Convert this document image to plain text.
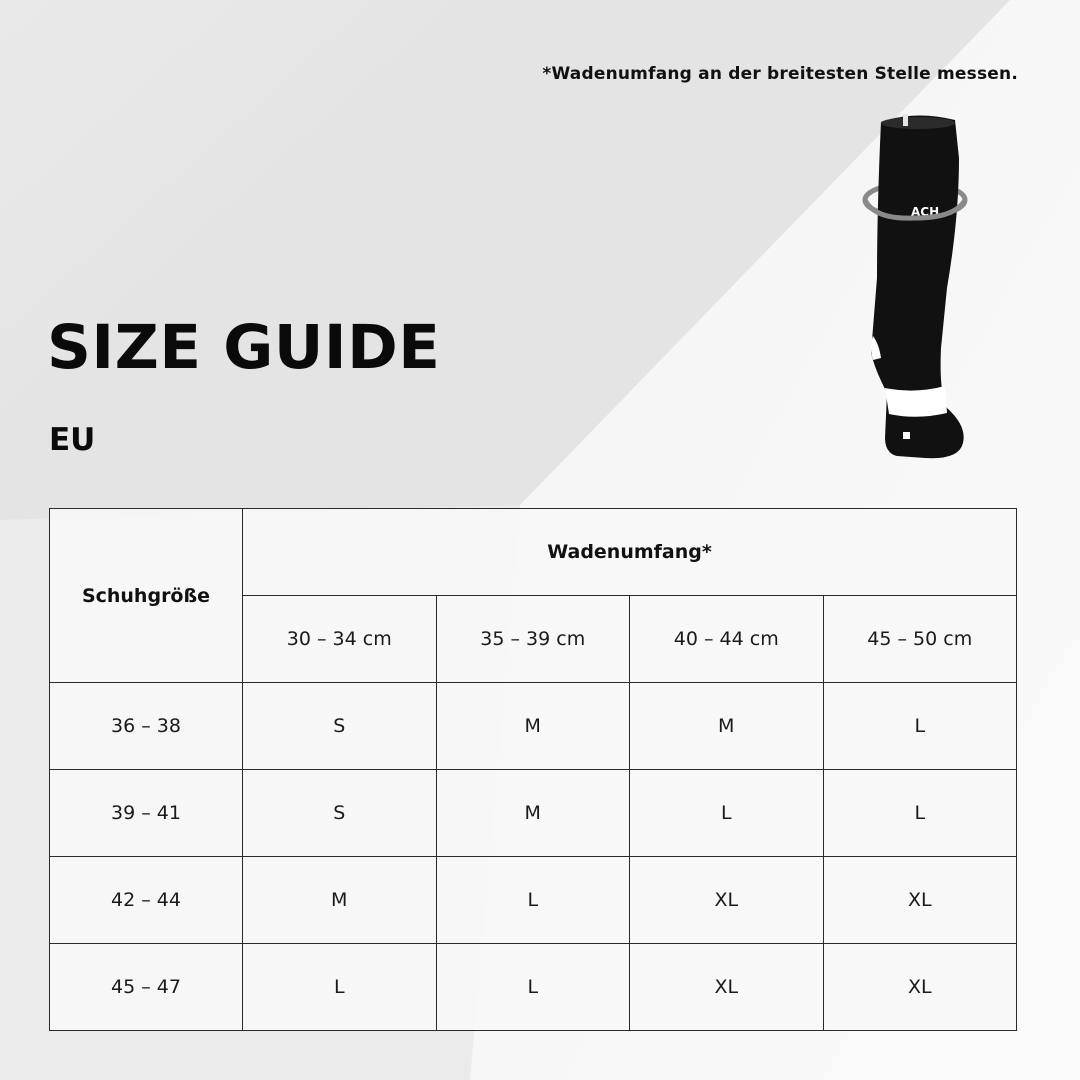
*Wadenumfang an der breitesten Stelle messen.
SIZE GUIDE
EU
ACH
Schuhgröße	Wadenumfang*			
	30 – 34 cm	35 – 39 cm	40 – 44 cm	45 – 50 cm
36 – 38	S	M	M	L
39 – 41	S	M	L	L
42 – 44	M	L	XL	XL
45 – 47	L	L	XL	XL
